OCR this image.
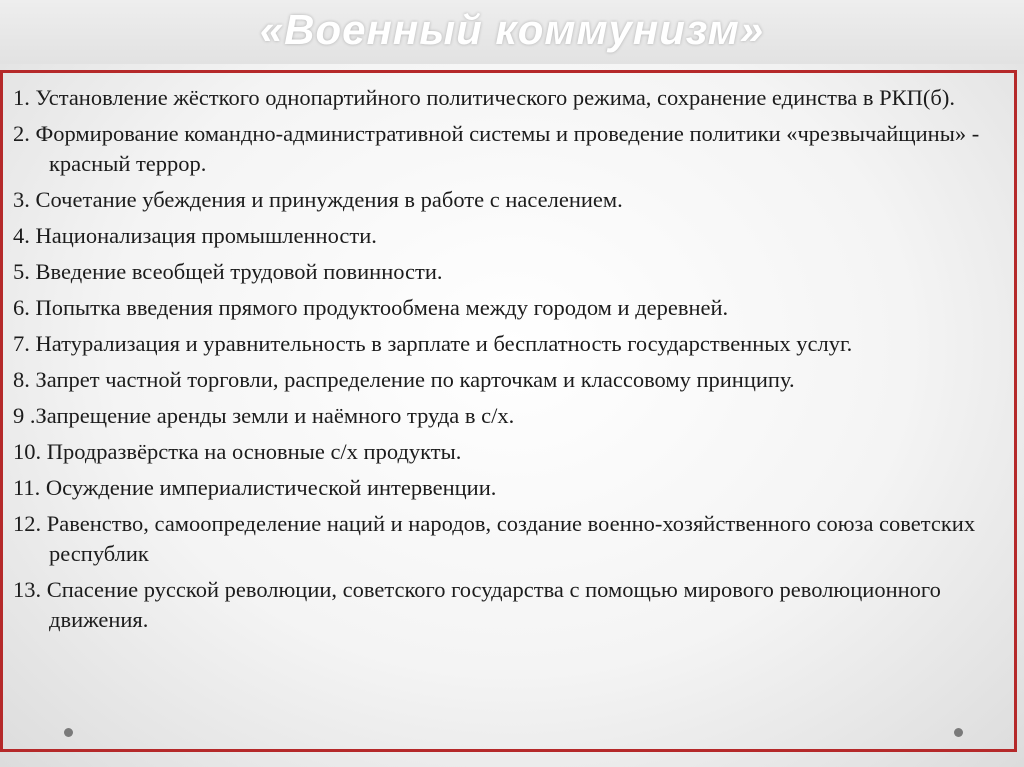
«Военный коммунизм»
1. Установление жёсткого однопартийного политического режима, сохранение единства в РКП(б).
2. Формирование командно-административной системы и проведение политики «чрезвычайщины» - красный террор.
3. Сочетание убеждения и принуждения в работе с населением.
4. Национализация промышленности.
5. Введение всеобщей трудовой повинности.
6. Попытка введения прямого продуктообмена между городом и деревней.
7. Натурализация и уравнительность в зарплате и бесплатность государственных услуг.
8. Запрет частной торговли, распределение по карточкам и классовому принципу.
9 .Запрещение аренды земли и наёмного труда в с/х.
10. Продразвёрстка на основные с/х продукты.
11. Осуждение империалистической интервенции.
12. Равенство, самоопределение наций и народов, создание военно-хозяйственного союза советских республик
13. Спасение русской революции, советского государства с помощью мирового революционного движения.
